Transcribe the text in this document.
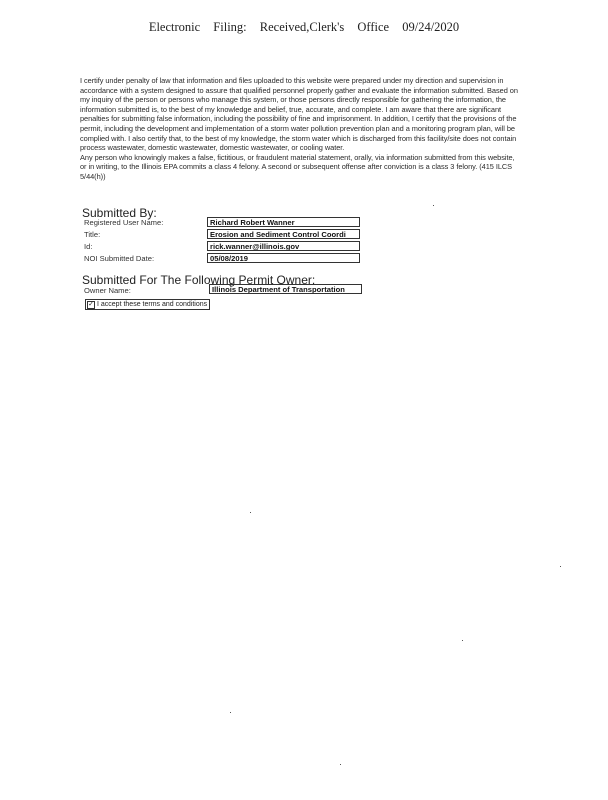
Electronic Filing: Received,Clerk's Office 09/24/2020

I certify under penalty of law that information and files uploaded to this website were prepared under my direction and supervision in accordance with a system designed to assure that qualified personnel properly gather and evaluate the information submitted. Based on my inquiry of the person or persons who manage this system, or those persons directly responsible for gathering the information, the information submitted is, to the best of my knowledge and belief, true, accurate, and complete. I am aware that there are significant penalties for submitting false information, including the possibility of fine and imprisonment. In addition, I certify that the provisions of the permit, including the development and implementation of a storm water pollution prevention plan and a monitoring program plan, will be complied with. I also certify that, to the best of my knowledge, the storm water which is discharged from this facility/site does not contain process wastewater, domestic wastewater, domestic wastewater, or cooling water.

Any person who knowingly makes a false, fictitious, or fraudulent material statement, orally, via information submitted from this website, or in writing, to the Illinois EPA commits a class 4 felony. A second or subsequent offense after conviction is a class 3 felony. (415 ILCS 5/44(h))

Submitted By:
Registered User Name:	Richard Robert Wanner
Title:	Erosion and Sediment Control Coordi
Id:	rick.wanner@illinois.gov
NOI Submitted Date:	05/08/2019
Submitted For The Following Permit Owner:
Owner Name:	Illinois Department of Transportation
✓ I accept these terms and conditions
